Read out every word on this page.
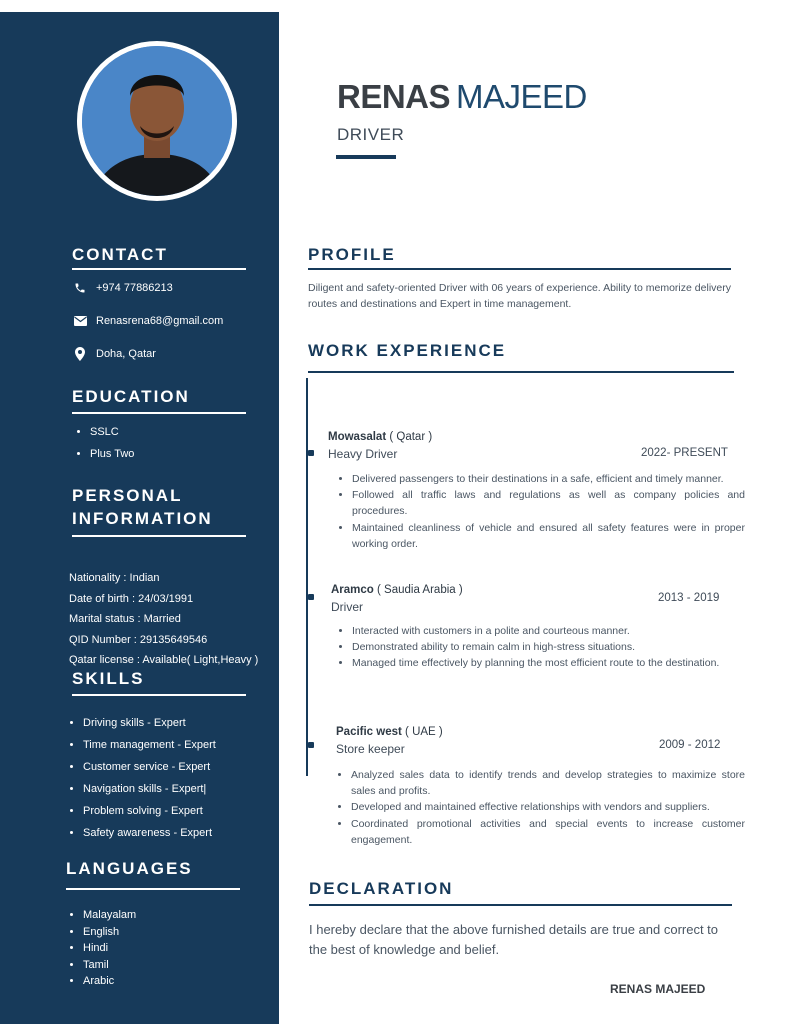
CONTACT
+974 77886213
Renasrena68@gmail.com
Doha, Qatar
EDUCATION
• SSLC
• Plus Two
PERSONAL
INFORMATION
Nationality : Indian
Date of birth : 24/03/1991
Marital status : Married
QID Number : 29135649546
Qatar license : Available( Light,Heavy )
SKILLS
• Driving skills - Expert
• Time management - Expert
• Customer service - Expert
• Navigation skills - Expert|
• Problem solving - Expert
• Safety awareness - Expert
LANGUAGES
• Malayalam
• English
• Hindi
• Tamil
• Arabic
RENAS MAJEED
DRIVER
PROFILE
Diligent and safety-oriented Driver with 06 years of experience. Ability to memorize delivery routes and destinations and Expert in time management.
WORK EXPERIENCE
Mowasalat ( Qatar )
Heavy Driver	2022- PRESENT
• Delivered passengers to their destinations in a safe, efficient and timely manner.
• Followed all traffic laws and regulations as well as company policies and procedures.
• Maintained cleanliness of vehicle and ensured all safety features were in proper working order.
Aramco ( Saudia Arabia )
Driver
2013 - 2019
• Interacted with customers in a polite and courteous manner.
• Demonstrated ability to remain calm in high-stress situations.
• Managed time effectively by planning the most efficient route to the destination.
Pacific west ( UAE )
Store keeper	2009 - 2012
• Analyzed sales data to identify trends and develop strategies to maximize store sales and profits.
• Developed and maintained effective relationships with vendors and suppliers.
• Coordinated promotional activities and special events to increase customer engagement.
DECLARATION
I hereby declare that the above furnished details are true and correct to the best of knowledge and belief.
RENAS MAJEED
